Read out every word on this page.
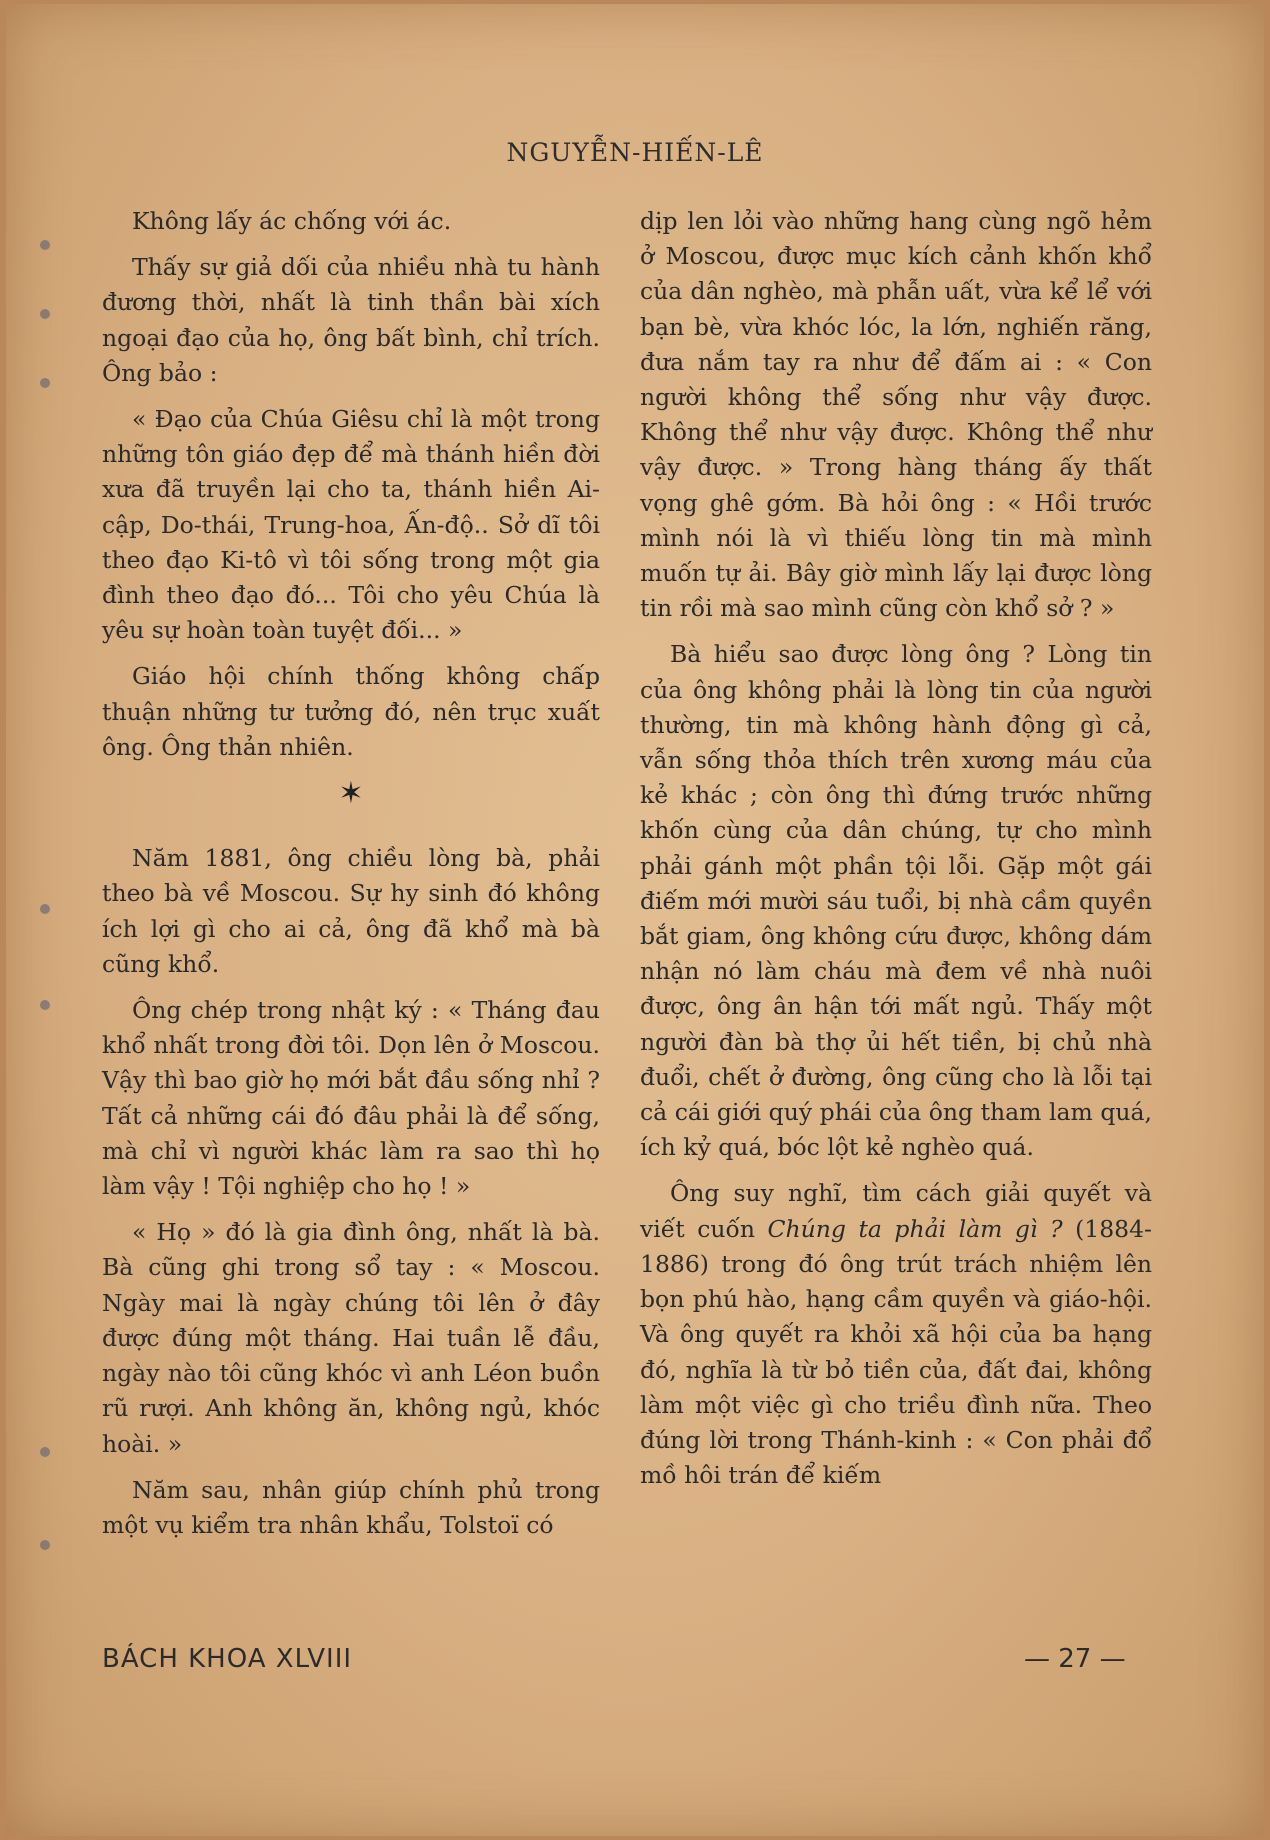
NGUYỄN-HIẾN-LÊ

Không lấy ác chống với ác.

Thấy sự giả dối của nhiều nhà tu hành đương thời, nhất là tinh thần bài xích ngoại đạo của họ, ông bất bình, chỉ trích. Ông bảo :

« Đạo của Chúa Giêsu chỉ là một trong những tôn giáo đẹp để mà thánh hiền đời xưa đã truyền lại cho ta, thánh hiền Ai-cập, Do-thái, Trung-hoa, Ấn-độ.. Sở dĩ tôi theo đạo Ki-tô vì tôi sống trong một gia đình theo đạo đó... Tôi cho yêu Chúa là yêu sự hoàn toàn tuyệt đối... »

Giáo hội chính thống không chấp thuận những tư tưởng đó, nên trục xuất ông. Ông thản nhiên.

✶

Năm 1881, ông chiều lòng bà, phải theo bà về Moscou. Sự hy sinh đó không ích lợi gì cho ai cả, ông đã khổ mà bà cũng khổ.

Ông chép trong nhật ký : « Tháng đau khổ nhất trong đời tôi. Dọn lên ở Moscou. Vậy thì bao giờ họ mới bắt đầu sống nhỉ ? Tất cả những cái đó đâu phải là để sống, mà chỉ vì người khác làm ra sao thì họ làm vậy ! Tội nghiệp cho họ ! »

« Họ » đó là gia đình ông, nhất là bà. Bà cũng ghi trong sổ tay : « Moscou. Ngày mai là ngày chúng tôi lên ở đây được đúng một tháng. Hai tuần lễ đầu, ngày nào tôi cũng khóc vì anh Léon buồn rũ rượi. Anh không ăn, không ngủ, khóc hoài. »

Năm sau, nhân giúp chính phủ trong một vụ kiểm tra nhân khẩu, Tolstoï có

dịp len lỏi vào những hang cùng ngõ hẻm ở Moscou, được mục kích cảnh khốn khổ của dân nghèo, mà phẫn uất, vừa kể lể với bạn bè, vừa khóc lóc, la lớn, nghiến răng, đưa nắm tay ra như để đấm ai : « Con người không thể sống như vậy được. Không thể như vậy được. Không thể như vậy được. » Trong hàng tháng ấy thất vọng ghê gớm. Bà hỏi ông : « Hồi trước mình nói là vì thiếu lòng tin mà mình muốn tự ải. Bây giờ mình lấy lại được lòng tin rồi mà sao mình cũng còn khổ sở ? »

Bà hiểu sao được lòng ông ? Lòng tin của ông không phải là lòng tin của người thường, tin mà không hành động gì cả, vẫn sống thỏa thích trên xương máu của kẻ khác ; còn ông thì đứng trước những khốn cùng của dân chúng, tự cho mình phải gánh một phần tội lỗi. Gặp một gái điếm mới mười sáu tuổi, bị nhà cầm quyền bắt giam, ông không cứu được, không dám nhận nó làm cháu mà đem về nhà nuôi được, ông ân hận tới mất ngủ. Thấy một người đàn bà thợ ủi hết tiền, bị chủ nhà đuổi, chết ở đường, ông cũng cho là lỗi tại cả cái giới quý phái của ông tham lam quá, ích kỷ quá, bóc lột kẻ nghèo quá.

Ông suy nghĩ, tìm cách giải quyết và viết cuốn Chúng ta phải làm gì ? (1884-1886) trong đó ông trút trách nhiệm lên bọn phú hào, hạng cầm quyền và giáo-hội. Và ông quyết ra khỏi xã hội của ba hạng đó, nghĩa là từ bỏ tiền của, đất đai, không làm một việc gì cho triều đình nữa. Theo đúng lời trong Thánh-kinh : « Con phải đổ mồ hôi trán để kiếm

BÁCH KHOA XLVIII	— 27 —
